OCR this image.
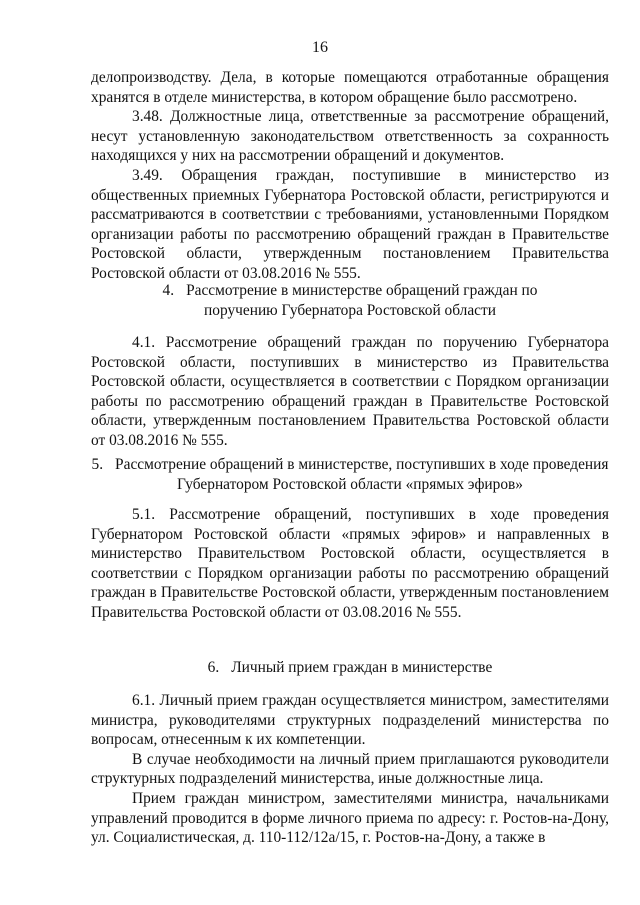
16

делопроизводству. Дела, в которые помещаются отработанные обращения хранятся в отделе министерства, в котором обращение было рассмотрено.

3.48. Должностные лица, ответственные за рассмотрение обращений, несут установленную законодательством ответственность за сохранность находящихся у них на рассмотрении обращений и документов.

3.49. Обращения граждан, поступившие в министерство из общественных приемных Губернатора Ростовской области, регистрируются и рассматриваются в соответствии с требованиями, установленными Порядком организации работы по рассмотрению обращений граждан в Правительстве Ростовской области, утвержденным постановлением Правительства Ростовской области от 03.08.2016 № 555.

4. Рассмотрение в министерстве обращений граждан по
поручению Губернатора Ростовской области

4.1. Рассмотрение обращений граждан по поручению Губернатора Ростовской области, поступивших в министерство из Правительства Ростовской области, осуществляется в соответствии с Порядком организации работы по рассмотрению обращений граждан в Правительстве Ростовской области, утвержденным постановлением Правительства Ростовской области от 03.08.2016 № 555.

5. Рассмотрение обращений в министерстве, поступивших в ходе проведения
Губернатором Ростовской области «прямых эфиров»

5.1. Рассмотрение обращений, поступивших в ходе проведения Губернатором Ростовской области «прямых эфиров» и направленных в министерство Правительством Ростовской области, осуществляется в соответствии с Порядком организации работы по рассмотрению обращений граждан в Правительстве Ростовской области, утвержденным постановлением Правительства Ростовской области от 03.08.2016 № 555.

6. Личный прием граждан в министерстве

6.1. Личный прием граждан осуществляется министром, заместителями министра, руководителями структурных подразделений министерства по вопросам, отнесенным к их компетенции.

В случае необходимости на личный прием приглашаются руководители структурных подразделений министерства, иные должностные лица.

Прием граждан министром, заместителями министра, начальниками управлений проводится в форме личного приема по адресу: г. Ростов-на-Дону, ул. Социалистическая, д. 110-112/12а/15, г. Ростов-на-Дону, а также в
